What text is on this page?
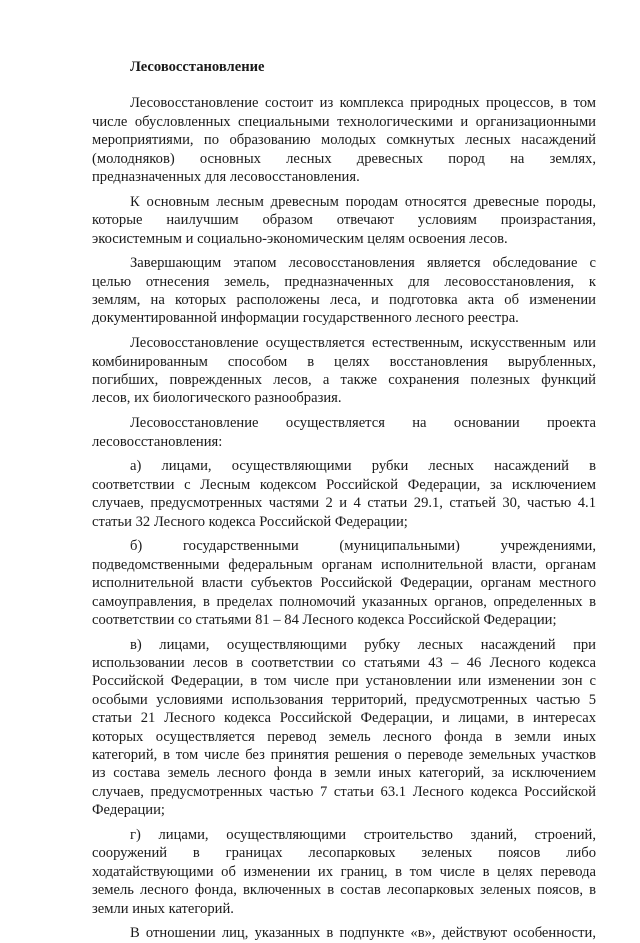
Лесовосстановление
Лесовосстановление состоит из комплекса природных процессов, в том
числе обусловленных специальными технологическими и организационными
мероприятиями, по образованию молодых сомкнутых лесных насаждений
(молодняков) основных лесных древесных пород на землях,
предназначенных для лесовосстановления.
К основным лесным древесным породам относятся древесные породы,
которые наилучшим образом отвечают условиям произрастания,
экосистемным и социально-экономическим целям освоения лесов.
Завершающим этапом лесовосстановления является обследование с
целью отнесения земель, предназначенных для лесовосстановления, к
землям, на которых расположены леса, и подготовка акта об изменении
документированной информации государственного лесного реестра.
Лесовосстановление осуществляется естественным, искусственным или
комбинированным способом в целях восстановления вырубленных,
погибших, поврежденных лесов, а также сохранения полезных функций
лесов, их биологического разнообразия.
Лесовосстановление осуществляется на основании проекта
лесовосстановления:
а) лицами, осуществляющими рубки лесных насаждений в
соответствии с Лесным кодексом Российской Федерации, за исключением
случаев, предусмотренных частями 2 и 4 статьи 29.1, статьей 30, частью 4.1
статьи 32 Лесного кодекса Российской Федерации;
б) государственными (муниципальными) учреждениями,
подведомственными федеральным органам исполнительной власти, органам
исполнительной власти субъектов Российской Федерации, органам местного
самоуправления, в пределах полномочий указанных органов, определенных в
соответствии со статьями 81 – 84 Лесного кодекса Российской Федерации;
в) лицами, осуществляющими рубку лесных насаждений при
использовании лесов в соответствии со статьями 43 – 46 Лесного кодекса
Российской Федерации, в том числе при установлении или изменении зон с
особыми условиями использования территорий, предусмотренных частью 5
статьи 21 Лесного кодекса Российской Федерации, и лицами, в интересах
которых осуществляется перевод земель лесного фонда в земли иных
категорий, в том числе без принятия решения о переводе земельных участков
из состава земель лесного фонда в земли иных категорий, за исключением
случаев, предусмотренных частью 7 статьи 63.1 Лесного кодекса Российской
Федерации;
г) лицами, осуществляющими строительство зданий, строений,
сооружений в границах лесопарковых зеленых поясов либо
ходатайствующими об изменении их границ, в том числе в целях перевода
земель лесного фонда, включенных в состав лесопарковых зеленых поясов, в
земли иных категорий.
В отношении лиц, указанных в подпункте «в», действуют особенности,
